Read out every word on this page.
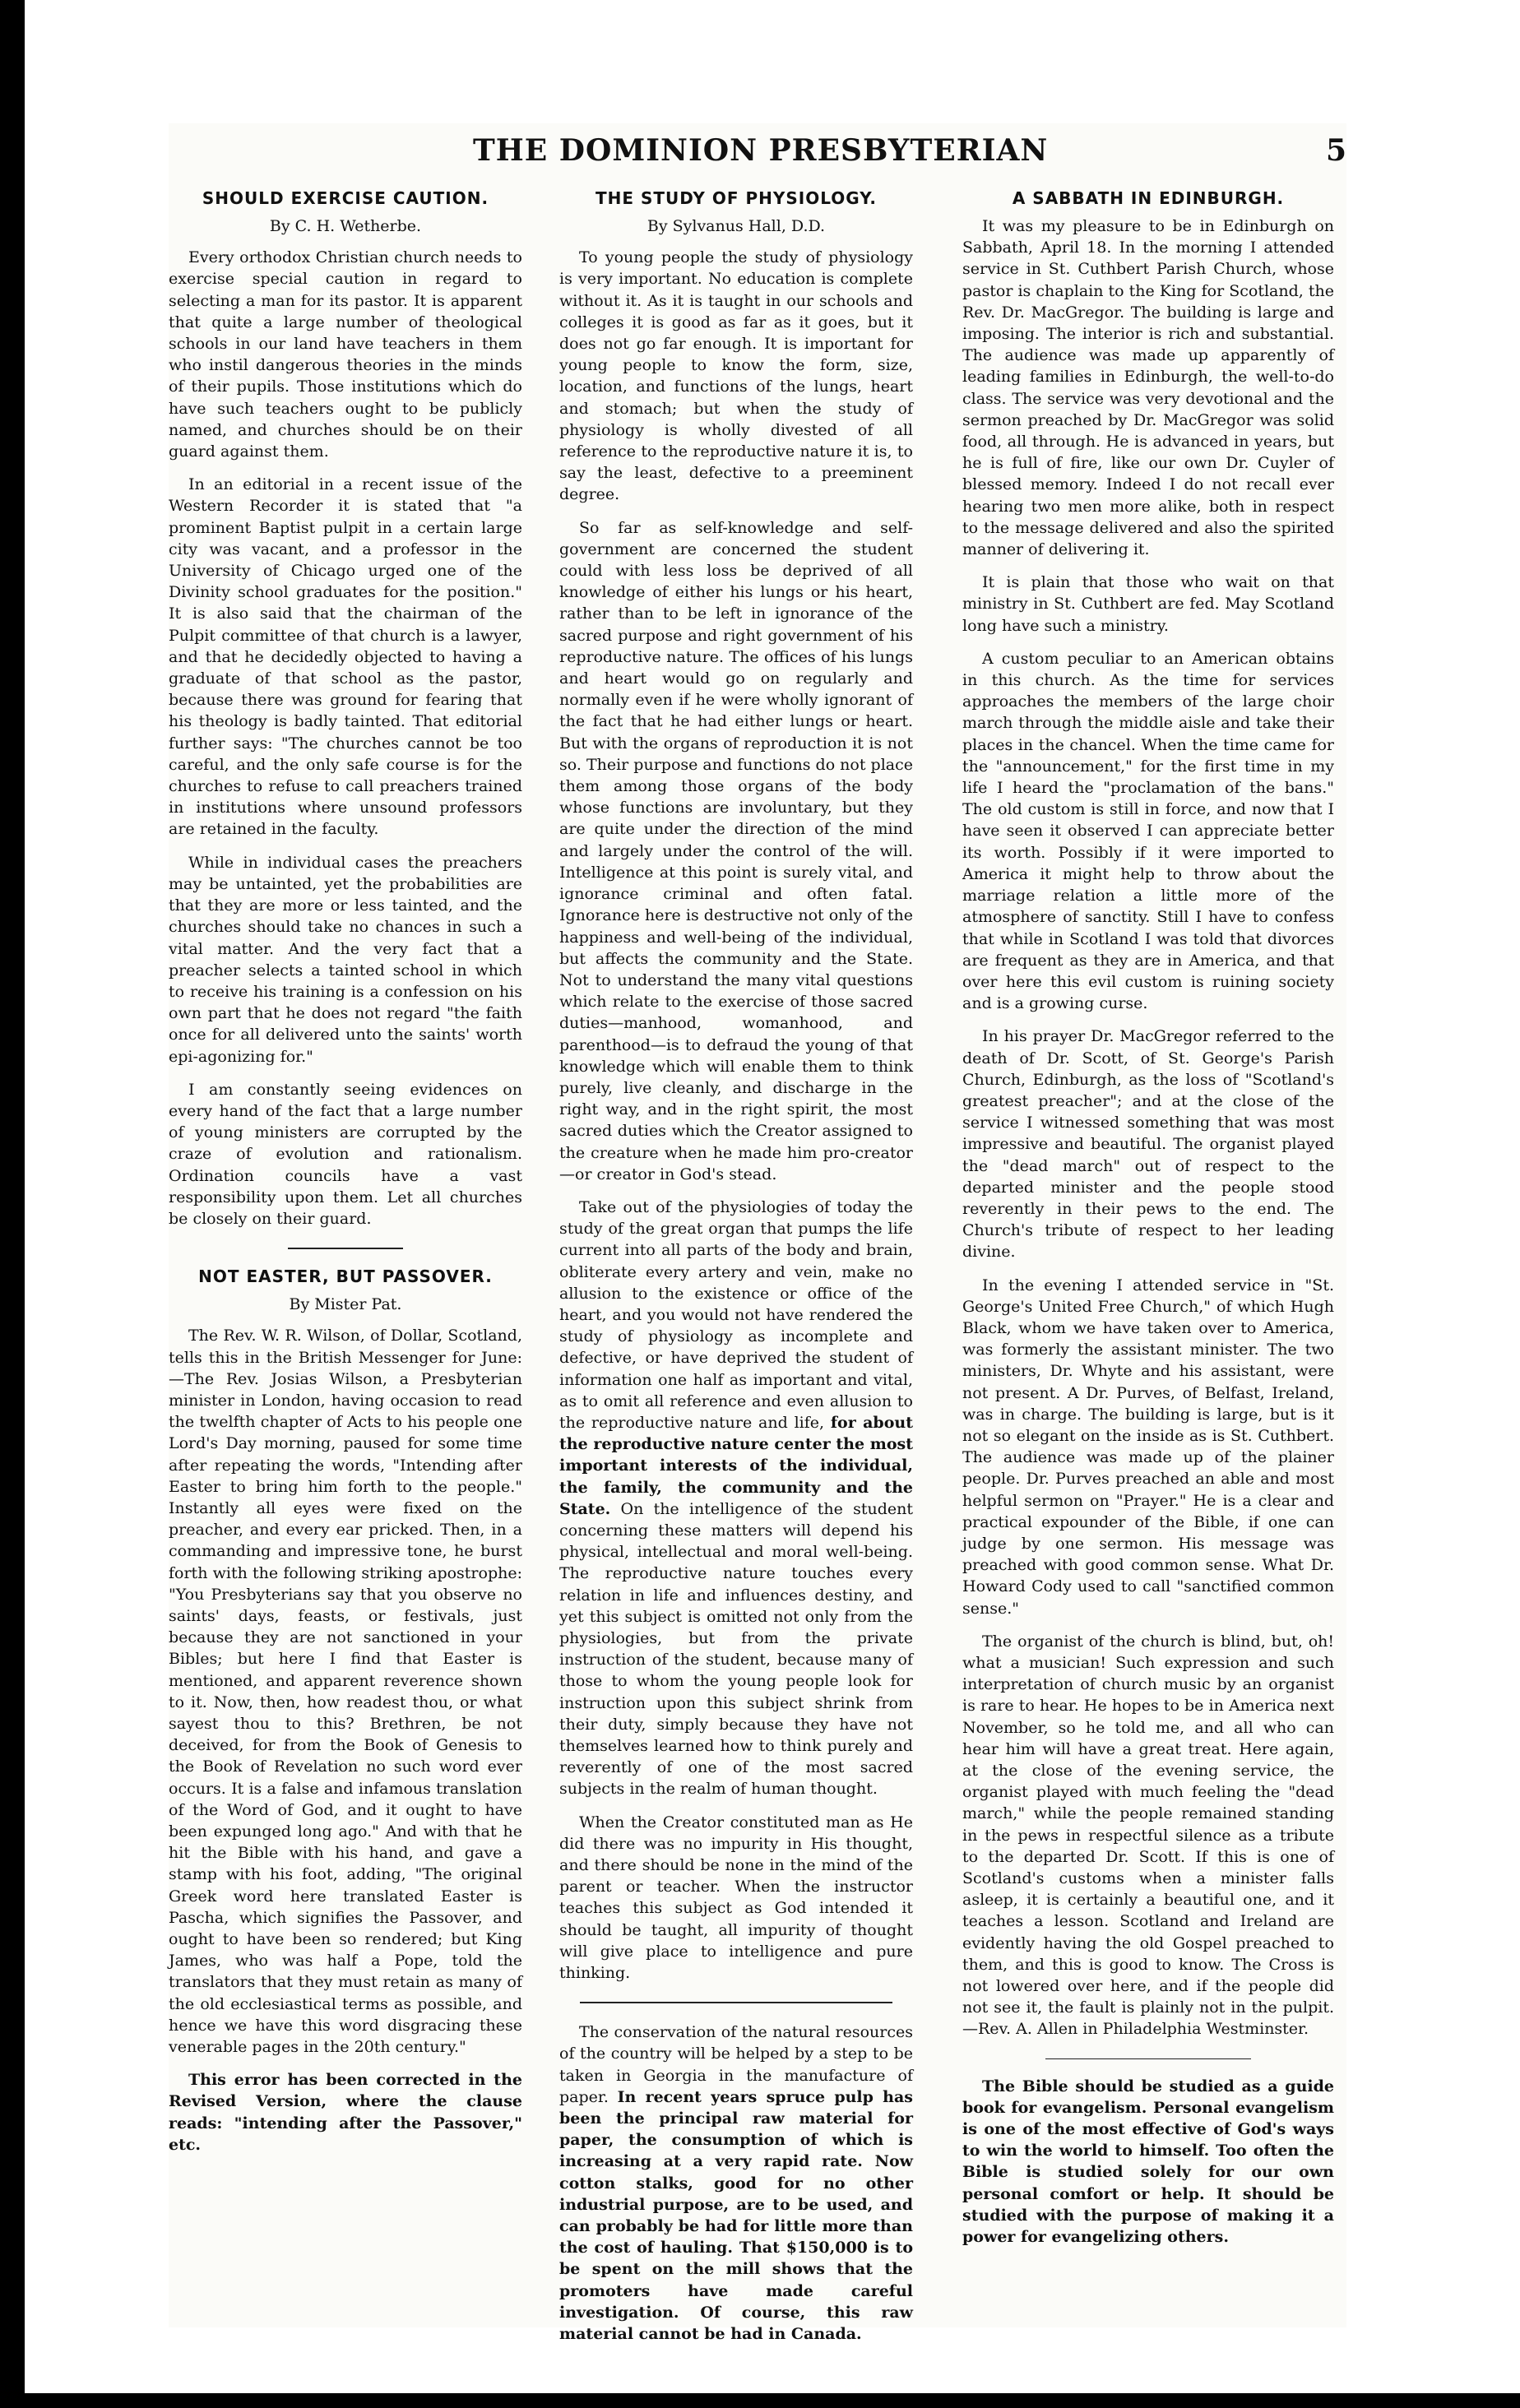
THE DOMINION PRESBYTERIAN	5
SHOULD EXERCISE CAUTION.
By C. H. Wetherbe.

Every orthodox Christian church needs to exercise special caution in regard to selecting a man for its pastor. It is apparent that quite a large number of theological schools in our land have teachers in them who instil dangerous theories in the minds of their pupils. Those institutions which do have such teachers ought to be publicly named, and churches should be on their guard against them.

In an editorial in a recent issue of the Western Recorder it is stated that "a prominent Baptist pulpit in a certain large city was vacant, and a professor in the University of Chicago urged one of the Divinity school graduates for the position." It is also said that the chairman of the Pulpit committee of that church is a lawyer, and that he decidedly objected to having a graduate of that school as the pastor, because there was ground for fearing that his theology is badly tainted. That editorial further says: "The churches cannot be too careful, and the only safe course is for the churches to refuse to call preachers trained in institutions where unsound professors are retained in the faculty.

While in individual cases the preachers may be untainted, yet the probabilities are that they are more or less tainted, and the churches should take no chances in such a vital matter. And the very fact that a preacher selects a tainted school in which to receive his training is a confession on his own part that he does not regard "the faith once for all delivered unto the saints' worth epi-agonizing for."

I am constantly seeing evidences on every hand of the fact that a large number of young ministers are corrupted by the craze of evolution and rationalism. Ordination councils have a vast responsibility upon them. Let all churches be closely on their guard.

NOT EASTER, BUT PASSOVER.
By Mister Pat.

The Rev. W. R. Wilson, of Dollar, Scotland, tells this in the British Messenger for June:—The Rev. Josias Wilson, a Presbyterian minister in London, having occasion to read the twelfth chapter of Acts to his people one Lord's Day morning, paused for some time after repeating the words, "Intending after Easter to bring him forth to the people." Instantly all eyes were fixed on the preacher, and every ear pricked. Then, in a commanding and impressive tone, he burst forth with the following striking apostrophe: "You Presbyterians say that you observe no saints' days, feasts, or festivals, just because they are not sanctioned in your Bibles; but here I find that Easter is mentioned, and apparent reverence shown to it. Now, then, how readest thou, or what sayest thou to this? Brethren, be not deceived, for from the Book of Genesis to the Book of Revelation no such word ever occurs. It is a false and infamous translation of the Word of God, and it ought to have been expunged long ago." And with that he hit the Bible with his hand, and gave a stamp with his foot, adding, "The original Greek word here translated Easter is Pascha, which signifies the Passover, and ought to have been so rendered; but King James, who was half a Pope, told the translators that they must retain as many of the old ecclesiastical terms as possible, and hence we have this word disgracing these venerable pages in the 20th century."

This error has been corrected in the Revised Version, where the clause reads: "intending after the Passover," etc.

THE STUDY OF PHYSIOLOGY.
By Sylvanus Hall, D.D.

To young people the study of physiology is very important. No education is complete without it. As it is taught in our schools and colleges it is good as far as it goes, but it does not go far enough. It is important for young people to know the form, size, location, and functions of the lungs, heart and stomach; but when the study of physiology is wholly divested of all reference to the reproductive nature it is, to say the least, defective to a preeminent degree.

So far as self-knowledge and self-government are concerned the student could with less loss be deprived of all knowledge of either his lungs or his heart, rather than to be left in ignorance of the sacred purpose and right government of his reproductive nature. The offices of his lungs and heart would go on regularly and normally even if he were wholly ignorant of the fact that he had either lungs or heart. But with the organs of reproduction it is not so. Their purpose and functions do not place them among those organs of the body whose functions are involuntary, but they are quite under the direction of the mind and largely under the control of the will. Intelligence at this point is surely vital, and ignorance criminal and often fatal. Ignorance here is destructive not only of the happiness and well-being of the individual, but affects the community and the State. Not to understand the many vital questions which relate to the exercise of those sacred duties—manhood, womanhood, and parenthood—is to defraud the young of that knowledge which will enable them to think purely, live cleanly, and discharge in the right way, and in the right spirit, the most sacred duties which the Creator assigned to the creature when he made him pro-creator—or creator in God's stead.

Take out of the physiologies of today the study of the great organ that pumps the life current into all parts of the body and brain, obliterate every artery and vein, make no allusion to the existence or office of the heart, and you would not have rendered the study of physiology as incomplete and defective, or have deprived the student of information one half as important and vital, as to omit all reference and even allusion to the reproductive nature and life, for about the reproductive nature center the most important interests of the individual, the family, the community and the State. On the intelligence of the student concerning these matters will depend his physical, intellectual and moral well-being. The reproductive nature touches every relation in life and influences destiny, and yet this subject is omitted not only from the physiologies, but from the private instruction of the student, because many of those to whom the young people look for instruction upon this subject shrink from their duty, simply because they have not themselves learned how to think purely and reverently of one of the most sacred subjects in the realm of human thought.

When the Creator constituted man as He did there was no impurity in His thought, and there should be none in the mind of the parent or teacher. When the instructor teaches this subject as God intended it should be taught, all impurity of thought will give place to intelligence and pure thinking.

The conservation of the natural resources of the country will be helped by a step to be taken in Georgia in the manufacture of paper. In recent years spruce pulp has been the principal raw material for paper, the consumption of which is increasing at a very rapid rate. Now cotton stalks, good for no other industrial purpose, are to be used, and can probably be had for little more than the cost of hauling. That $150,000 is to be spent on the mill shows that the promoters have made careful investigation. Of course, this raw material cannot be had in Canada.

A SABBATH IN EDINBURGH.

It was my pleasure to be in Edinburgh on Sabbath, April 18. In the morning I attended service in St. Cuthbert Parish Church, whose pastor is chaplain to the King for Scotland, the Rev. Dr. MacGregor. The building is large and imposing. The interior is rich and substantial. The audience was made up apparently of leading families in Edinburgh, the well-to-do class. The service was very devotional and the sermon preached by Dr. MacGregor was solid food, all through. He is advanced in years, but he is full of fire, like our own Dr. Cuyler of blessed memory. Indeed I do not recall ever hearing two men more alike, both in respect to the message delivered and also the spirited manner of delivering it.

It is plain that those who wait on that ministry in St. Cuthbert are fed. May Scotland long have such a ministry.

A custom peculiar to an American obtains in this church. As the time for services approaches the members of the large choir march through the middle aisle and take their places in the chancel. When the time came for the "announcement," for the first time in my life I heard the "proclamation of the bans." The old custom is still in force, and now that I have seen it observed I can appreciate better its worth. Possibly if it were imported to America it might help to throw about the marriage relation a little more of the atmosphere of sanctity. Still I have to confess that while in Scotland I was told that divorces are frequent as they are in America, and that over here this evil custom is ruining society and is a growing curse.

In his prayer Dr. MacGregor referred to the death of Dr. Scott, of St. George's Parish Church, Edinburgh, as the loss of "Scotland's greatest preacher"; and at the close of the service I witnessed something that was most impressive and beautiful. The organist played the "dead march" out of respect to the departed minister and the people stood reverently in their pews to the end. The Church's tribute of respect to her leading divine.

In the evening I attended service in "St. George's United Free Church," of which Hugh Black, whom we have taken over to America, was formerly the assistant minister. The two ministers, Dr. Whyte and his assistant, were not present. A Dr. Purves, of Belfast, Ireland, was in charge. The building is large, but is it not so elegant on the inside as is St. Cuthbert. The audience was made up of the plainer people. Dr. Purves preached an able and most helpful sermon on "Prayer." He is a clear and practical expounder of the Bible, if one can judge by one sermon. His message was preached with good common sense. What Dr. Howard Cody used to call "sanctified common sense."

The organist of the church is blind, but, oh! what a musician! Such expression and such interpretation of church music by an organist is rare to hear. He hopes to be in America next November, so he told me, and all who can hear him will have a great treat. Here again, at the close of the evening service, the organist played with much feeling the "dead march," while the people remained standing in the pews in respectful silence as a tribute to the departed Dr. Scott. If this is one of Scotland's customs when a minister falls asleep, it is certainly a beautiful one, and it teaches a lesson. Scotland and Ireland are evidently having the old Gospel preached to them, and this is good to know. The Cross is not lowered over here, and if the people did not see it, the fault is plainly not in the pulpit.—Rev. A. Allen in Philadelphia Westminster.

The Bible should be studied as a guide book for evangelism. Personal evangelism is one of the most effective of God's ways to win the world to himself. Too often the Bible is studied solely for our own personal comfort or help. It should be studied with the purpose of making it a power for evangelizing others.
